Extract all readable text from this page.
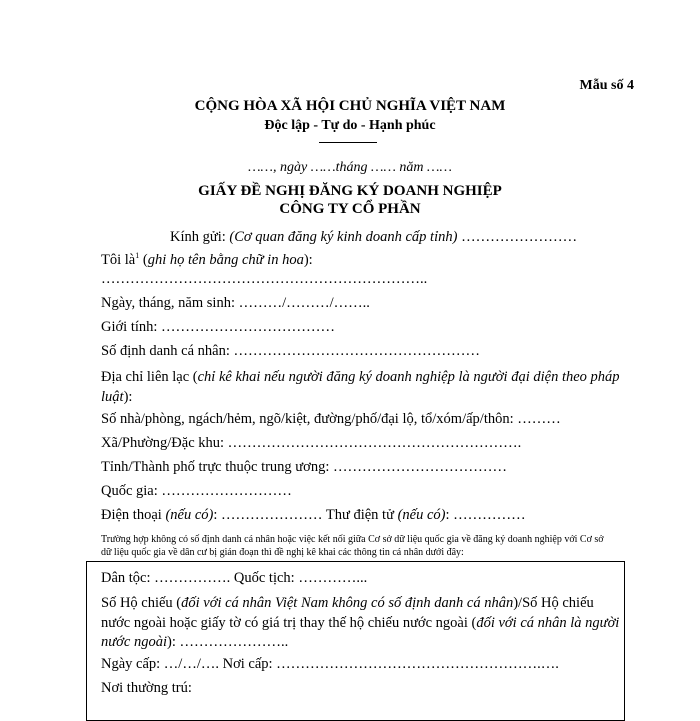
Mẫu số 4
CỘNG HÒA XÃ HỘI CHỦ NGHĨA VIỆT NAM
Độc lập - Tự do - Hạnh phúc
……, ngày ……tháng …… năm ……
GIẤY ĐỀ NGHỊ ĐĂNG KÝ DOANH NGHIỆP
CÔNG TY CỔ PHẦN
Kính gửi: (Cơ quan đăng ký kinh doanh cấp tỉnh) ……………………
Tôi $là^1$ (ghi họ tên bằng chữ in hoa):
…………………………………………………………..
Ngày, tháng, năm sinh: ………/………/……..
Giới tính: ………………………………
Số định danh cá nhân: ……………………………………………
Địa chỉ liên lạc (chỉ kê khai nếu người đăng ký doanh nghiệp là người đại diện theo pháp luật):
Số nhà/phòng, ngách/hẻm, ngõ/kiệt, đường/phố/đại lộ, tổ/xóm/ấp/thôn: ………
Xã/Phường/Đặc khu: …………………………………………………….
Tỉnh/Thành phố trực thuộc trung ương: ………………………………
Quốc gia: ………………………
Điện thoại (nếu có): ………………… Thư điện tử (nếu có): ……………
Trường hợp không có số định danh cá nhân hoặc việc kết nối giữa Cơ sở dữ liệu quốc gia về đăng ký doanh nghiệp với Cơ sở dữ liệu quốc gia về dân cư bị gián đoạn thì đề nghị kê khai các thông tin cá nhân dưới đây:
Dân tộc: ……………. Quốc tịch: …………...
Số Hộ chiếu (đối với cá nhân Việt Nam không có số định danh cá nhân)/Số Hộ chiếu nước ngoài hoặc giấy tờ có giá trị thay thế hộ chiếu nước ngoài (đối với cá nhân là người nước ngoài): …………………..
Ngày cấp: …/…/…. Nơi cấp: ……………………………………………….….
Nơi thường trú:
